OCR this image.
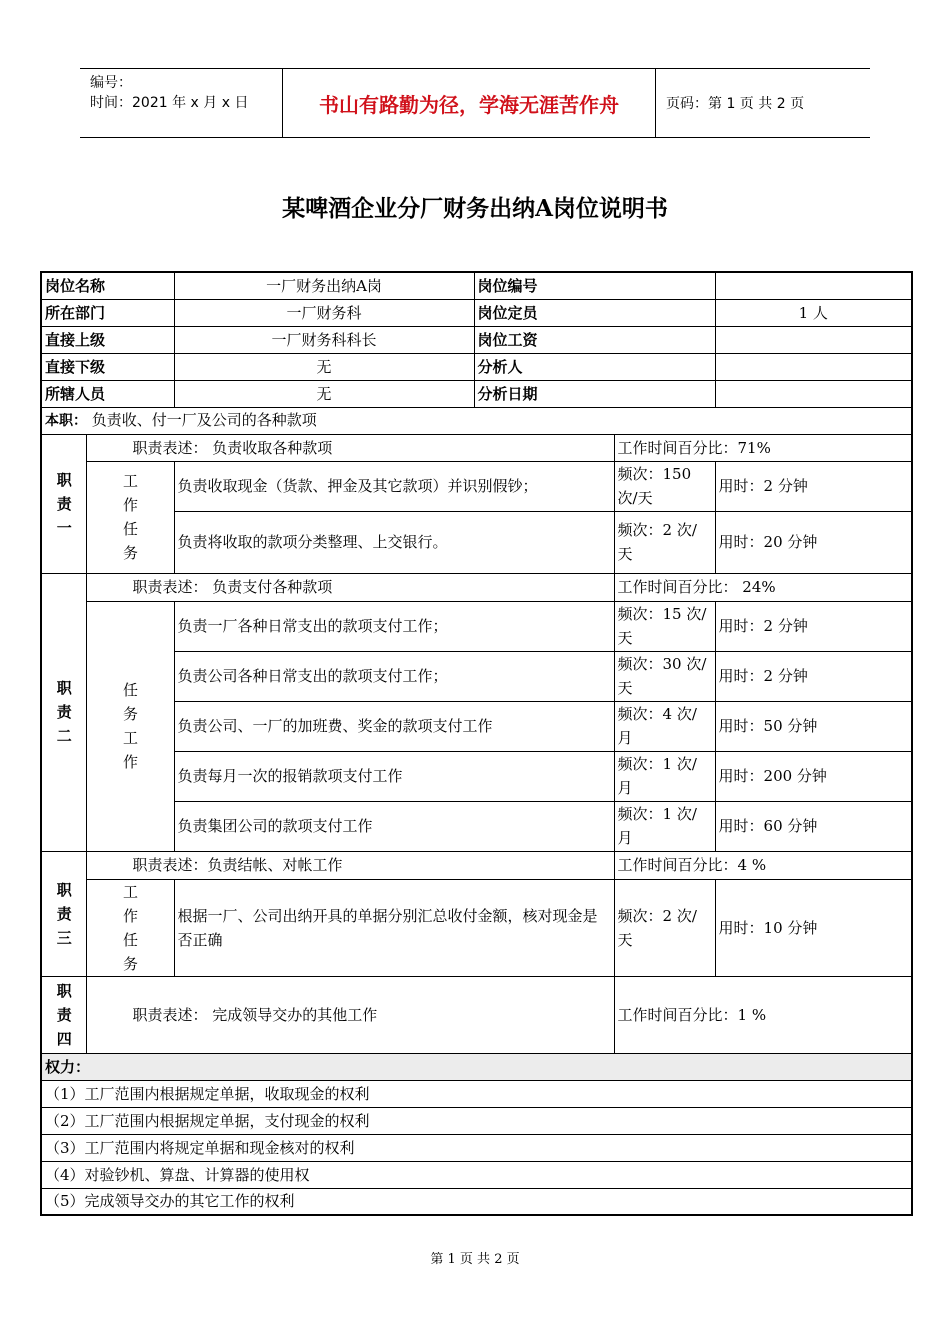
编号：
时间：2021 年 x 月 x 日	书山有路勤为径，学海无涯苦作舟	页码：第 1 页 共 2 页
某啤酒企业分厂财务出纳A岗位说明书
岗位名称		一厂财务出纳A岗	岗位编号		
所在部门		一厂财务科	岗位定员		1 人
直接上级		一厂财务科科长	岗位工资		
直接下级		无	分析人		
所辖人员		无	分析日期		
本职： 负责收、付一厂及公司的各种款项					

职责一	职责表述： 负责收取各种款项			工作时间百分比：71%	

	工作任务	负责收取现金（货款、押金及其它款项）并识别假钞；		频次：150 次/天	用时：2 分钟
		负责将收取的款项分类整理、上交银行。		频次：2 次/天	用时：20 分钟

职责二	职责表述： 负责支付各种款项			工作时间百分比： 24%	

	任务工作	负责一厂各种日常支出的款项支付工作；		频次：15 次/天	用时：2 分钟
		负责公司各种日常支出的款项支付工作；		频次：30 次/天	用时：2 分钟
		负责公司、一厂的加班费、奖金的款项支付工作		频次：4 次/月	用时：50 分钟
		负责每月一次的报销款项支付工作		频次：1 次/月	用时：200 分钟
		负责集团公司的款项支付工作		频次：1 次/月	用时：60 分钟

职责三	职责表述：负责结帐、对帐工作			工作时间百分比：4 %	

	工作任务	根据一厂、公司出纳开具的单据分别汇总收付金额，核对现金是否正确		频次：2 次/天	用时：10 分钟

职责四	职责表述： 完成领导交办的其他工作			工作时间百分比：1 %	
权力：					
（1）工厂范围内根据规定单据，收取现金的权利					
（2）工厂范围内根据规定单据，支付现金的权利					
（3）工厂范围内将规定单据和现金核对的权利					
（4）对验钞机、算盘、计算器的使用权					
（5）完成领导交办的其它工作的权利					
第 1 页 共 2 页
